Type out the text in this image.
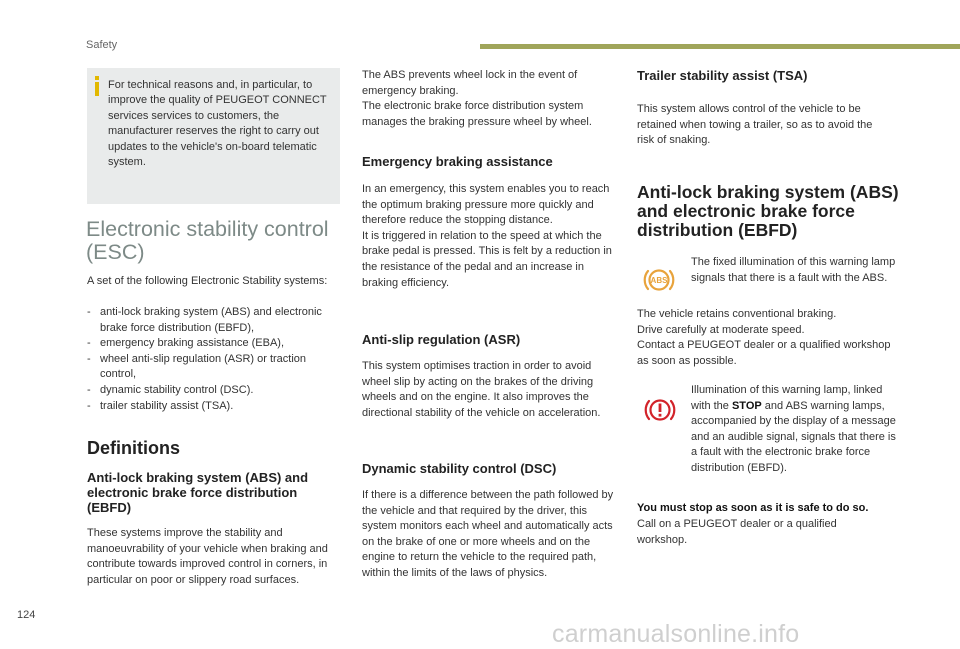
Safety
For technical reasons and, in particular, to improve the quality of PEUGEOT CONNECT services services to customers, the manufacturer reserves the right to carry out updates to the vehicle's on-board telematic system.
Electronic stability control (ESC)
A set of the following Electronic Stability systems:
- anti-lock braking system (ABS) and electronic brake force distribution (EBFD),
- emergency braking assistance (EBA),
- wheel anti-slip regulation (ASR) or traction control,
- dynamic stability control (DSC).
- trailer stability assist (TSA).
Definitions
Anti-lock braking system (ABS) and electronic brake force distribution (EBFD)
These systems improve the stability and manoeuvrability of your vehicle when braking and contribute towards improved control in corners, in particular on poor or slippery road surfaces.
The ABS prevents wheel lock in the event of emergency braking.
The electronic brake force distribution system manages the braking pressure wheel by wheel.
Emergency braking assistance
In an emergency, this system enables you to reach the optimum braking pressure more quickly and therefore reduce the stopping distance.
It is triggered in relation to the speed at which the brake pedal is pressed. This is felt by a reduction in the resistance of the pedal and an increase in braking efficiency.
Anti-slip regulation (ASR)
This system optimises traction in order to avoid wheel slip by acting on the brakes of the driving wheels and on the engine. It also improves the directional stability of the vehicle on acceleration.
Dynamic stability control (DSC)
If there is a difference between the path followed by the vehicle and that required by the driver, this system monitors each wheel and automatically acts on the brake of one or more wheels and on the engine to return the vehicle to the required path, within the limits of the laws of physics.
Trailer stability assist (TSA)
This system allows control of the vehicle to be retained when towing a trailer, so as to avoid the risk of snaking.
Anti-lock braking system (ABS) and electronic brake force distribution (EBFD)
ABS
The fixed illumination of this warning lamp signals that there is a fault with the ABS.
The vehicle retains conventional braking.
Drive carefully at moderate speed.
Contact a PEUGEOT dealer or a qualified workshop as soon as possible.
Illumination of this warning lamp, linked with the STOP and ABS warning lamps, accompanied by the display of a message and an audible signal, signals that there is a fault with the electronic brake force distribution (EBFD).
You must stop as soon as it is safe to do so.
Call on a PEUGEOT dealer or a qualified workshop.
124
carmanualsonline.info
